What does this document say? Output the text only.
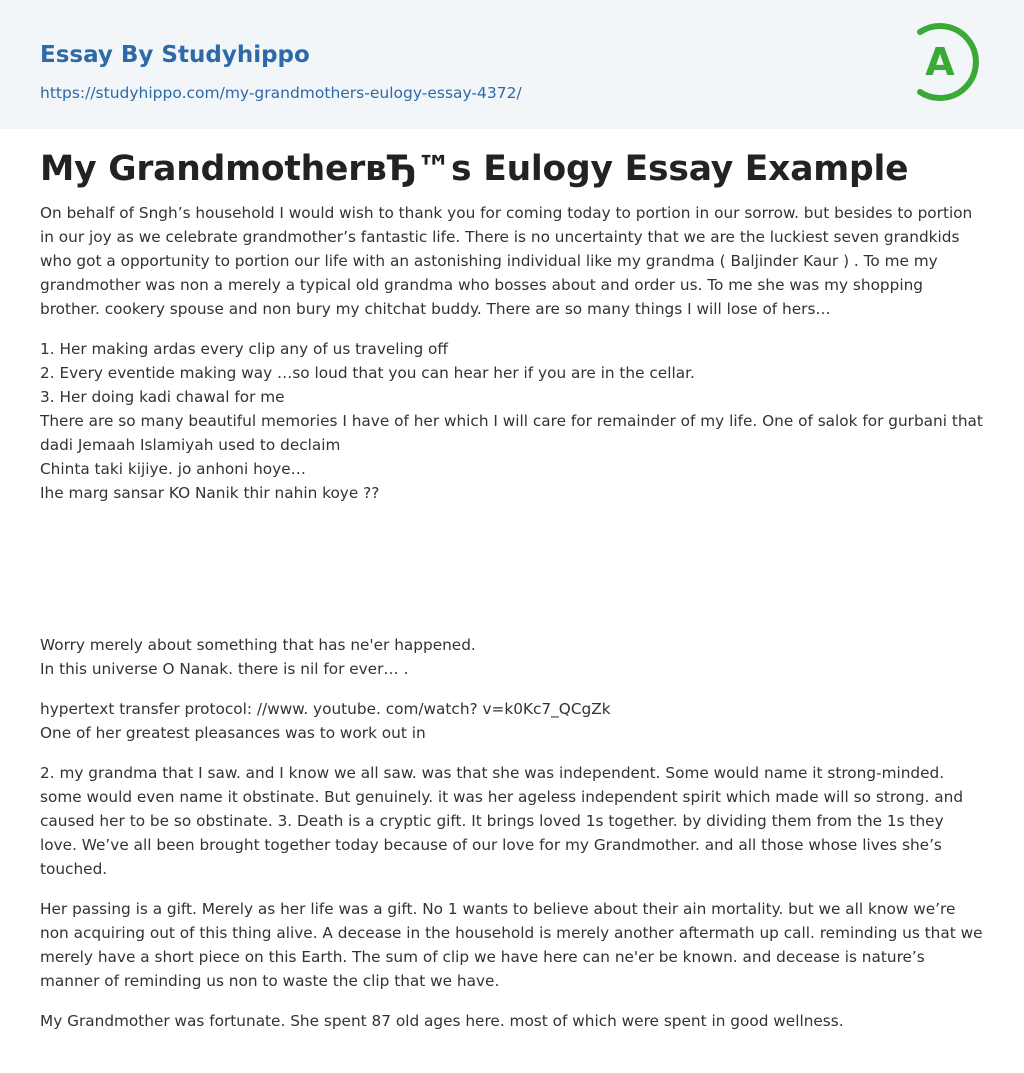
Essay By Studyhippo
https://studyhippo.com/my-grandmothers-eulogy-essay-4372/
A
My GrandmotherвЂ™s Eulogy Essay Example

On behalf of Sngh’s household I would wish to thank you for coming today to portion in our sorrow. but besides to portion in our joy as we celebrate grandmother’s fantastic life. There is no uncertainty that we are the luckiest seven grandkids who got a opportunity to portion our life with an astonishing individual like my grandma ( Baljinder Kaur ) . To me my grandmother was non a merely a typical old grandma who bosses about and order us. To me she was my shopping brother. cookery spouse and non bury my chitchat buddy. There are so many things I will lose of hers…

1. Her making ardas every clip any of us traveling off
2. Every eventide making way …so loud that you can hear her if you are in the cellar.
3. Her doing kadi chawal for me
There are so many beautiful memories I have of her which I will care for remainder of my life. One of salok for gurbani that dadi Jemaah Islamiyah used to declaim
Chinta taki kijiye. jo anhoni hoye…
Ihe marg sansar KO Nanik thir nahin koye ??

Worry merely about something that has ne'er happened.
In this universe O Nanak. there is nil for ever… .

hypertext transfer protocol: //www. youtube. com/watch? v=k0Kc7_QCgZk
One of her greatest pleasances was to work out in

2. my grandma that I saw. and I know we all saw. was that she was independent. Some would name it strong-minded. some would even name it obstinate. But genuinely. it was her ageless independent spirit which made will so strong. and caused her to be so obstinate. 3. Death is a cryptic gift. It brings loved 1s together. by dividing them from the 1s they love. We’ve all been brought together today because of our love for my Grandmother. and all those whose lives she’s touched.

Her passing is a gift. Merely as her life was a gift. No 1 wants to believe about their ain mortality. but we all know we’re non acquiring out of this thing alive. A decease in the household is merely another aftermath up call. reminding us that we merely have a short piece on this Earth. The sum of clip we have here can ne'er be known. and decease is nature’s manner of reminding us non to waste the clip that we have.

My Grandmother was fortunate. She spent 87 old ages here. most of which were spent in good wellness.
